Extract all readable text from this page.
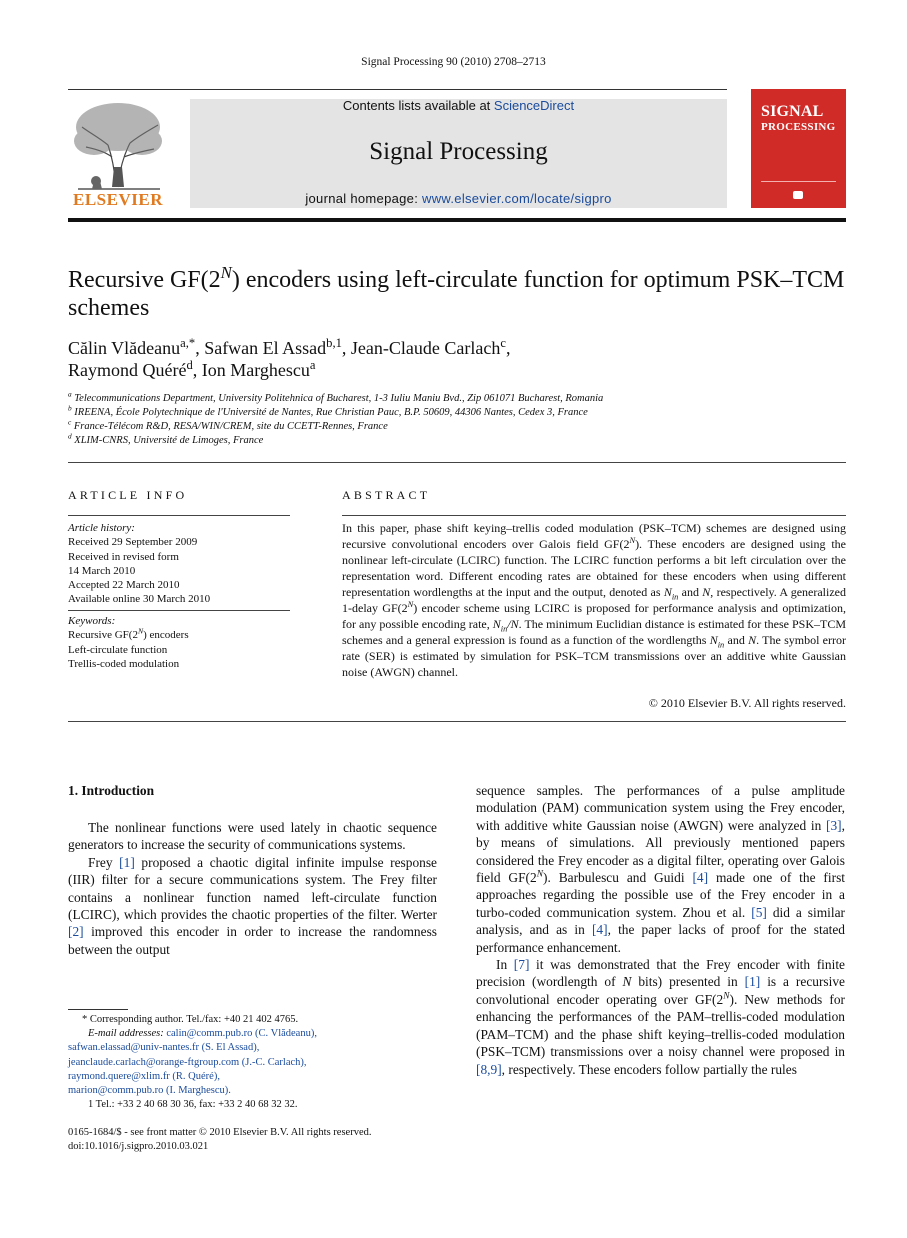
Signal Processing 90 (2010) 2708–2713
Contents lists available at ScienceDirect
Signal Processing
journal homepage: www.elsevier.com/locate/sigpro
ELSEVIER
SIGNAL
PROCESSING
Recursive $GF(2^N)$ encoders using left-circulate function for optimum PSK–TCM schemes
Călin Vlădeanu$^{a,*}$, Safwan El Assad$^{b,1}$, Jean-Claude Carlach$^c$,
Raymond Quéré$^d$, Ion Marghescu$^a$
$^a$ Telecommunications Department, University Politehnica of Bucharest, 1-3 Iuliu Maniu Bvd., Zip 061071 Bucharest, Romania
$^b$ IREENA, École Polytechnique de l'Université de Nantes, Rue Christian Pauc, B.P. 50609, 44306 Nantes, Cedex 3, France
$^c$ France-Télécom R&D, RESA/WIN/CREM, site du CCETT-Rennes, France
$^d$ XLIM-CNRS, Université de Limoges, France
ARTICLE INFO
Article history:
Received 29 September 2009
Received in revised form
14 March 2010
Accepted 22 March 2010
Available online 30 March 2010
Keywords:
Recursive $GF(2^N)$ encoders
Left-circulate function
Trellis-coded modulation
ABSTRACT
In this paper, phase shift keying–trellis coded modulation (PSK–TCM) schemes are designed using recursive convolutional encoders over Galois field $GF(2^N)$. These encoders are designed using the nonlinear left-circulate (LCIRC) function. The LCIRC function performs a bit left circulation over the representation word. Different encoding rates are obtained for these encoders when using different representation wordlengths at the input and the output, denoted as $N_{in}$ and N, respectively. A generalized 1-delay $GF(2^N)$ encoder scheme using LCIRC is proposed for performance analysis and optimization, for any possible encoding rate, $N_{in}/N$. The minimum Euclidian distance is estimated for these PSK–TCM schemes and a general expression is found as a function of the wordlengths $N_{in}$ and N. The symbol error rate (SER) is estimated by simulation for PSK–TCM transmissions over an additive white Gaussian noise (AWGN) channel.
© 2010 Elsevier B.V. All rights reserved.
1. Introduction

The nonlinear functions were used lately in chaotic sequence generators to increase the security of communications systems.

Frey [1] proposed a chaotic digital infinite impulse response (IIR) filter for a secure communications system. The Frey filter contains a nonlinear function named left-circulate function (LCIRC), which provides the chaotic properties of the filter. Werter [2] improved this encoder in order to increase the randomness between the output

sequence samples. The performances of a pulse amplitude modulation (PAM) communication system using the Frey encoder, with additive white Gaussian noise (AWGN) were analyzed in [3], by means of simulations. All previously mentioned papers considered the Frey encoder as a digital filter, operating over Galois field $GF(2^N)$. Barbulescu and Guidi [4] made one of the first approaches regarding the possible use of the Frey encoder in a turbo-coded communication system. Zhou et al. [5] did a similar analysis, and as in [4], the paper lacks of proof for the stated performance enhancement.

In [7] it was demonstrated that the Frey encoder with finite precision (wordlength of N bits) presented in [1] is a recursive convolutional encoder operating over $GF(2^N)$. New methods for enhancing the performances of the PAM–trellis-coded modulation (PAM–TCM) and the phase shift keying–trellis-coded modulation (PSK–TCM) transmissions over a noisy channel were proposed in [8,9], respectively. These encoders follow partially the rules

* Corresponding author. Tel./fax: +40 21 402 4765.
E-mail addresses: calin@comm.pub.ro (C. Vlădeanu),
safwan.elassad@univ-nantes.fr (S. El Assad),
jeanclaude.carlach@orange-ftgroup.com (J.-C. Carlach),
raymond.quere@xlim.fr (R. Quéré),
marion@comm.pub.ro (I. Marghescu).
1 Tel.: +33 2 40 68 30 36, fax: +33 2 40 68 32 32.
0165-1684/$ - see front matter © 2010 Elsevier B.V. All rights reserved.
doi:10.1016/j.sigpro.2010.03.021
